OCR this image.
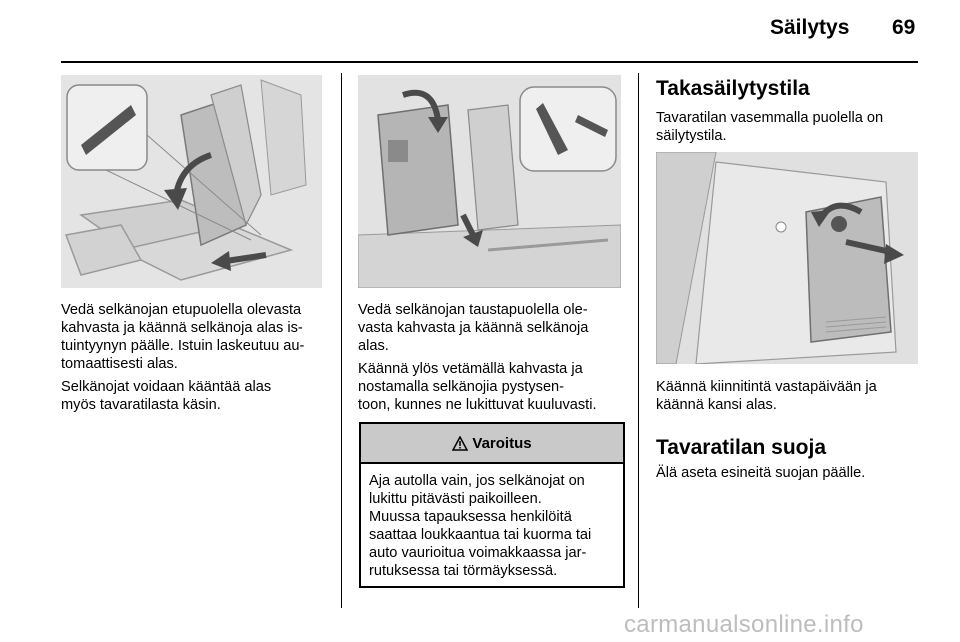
Säilytys 69
Vedä selkänojan etupuolella olevasta
kahvasta ja käännä selkänoja alas is-
tuintyynyn päälle. Istuin laskeutuu au-
tomaattisesti alas.
Selkänojat voidaan kääntää alas
myös tavaratilasta käsin.
Vedä selkänojan taustapuolella ole-
vasta kahvasta ja käännä selkänoja
alas.
Käännä ylös vetämällä kahvasta ja
nostamalla selkänojia pystysen-
toon, kunnes ne lukittuvat kuuluvasti.
Varoitus
Aja autolla vain, jos selkänojat on
lukittu pitävästi paikoilleen.
Muussa tapauksessa henkilöitä
saattaa loukkaantua tai kuorma tai
auto vaurioitua voimakkaassa jar-
rutuksessa tai törmäyksessä.
Takasäilytystila
Tavaratilan vasemmalla puolella on
säilytystila.
Käännä kiinnitintä vastapäivään ja
käännä kansi alas.
Tavaratilan suoja
Älä aseta esineitä suojan päälle.
carmanualsonline.info
